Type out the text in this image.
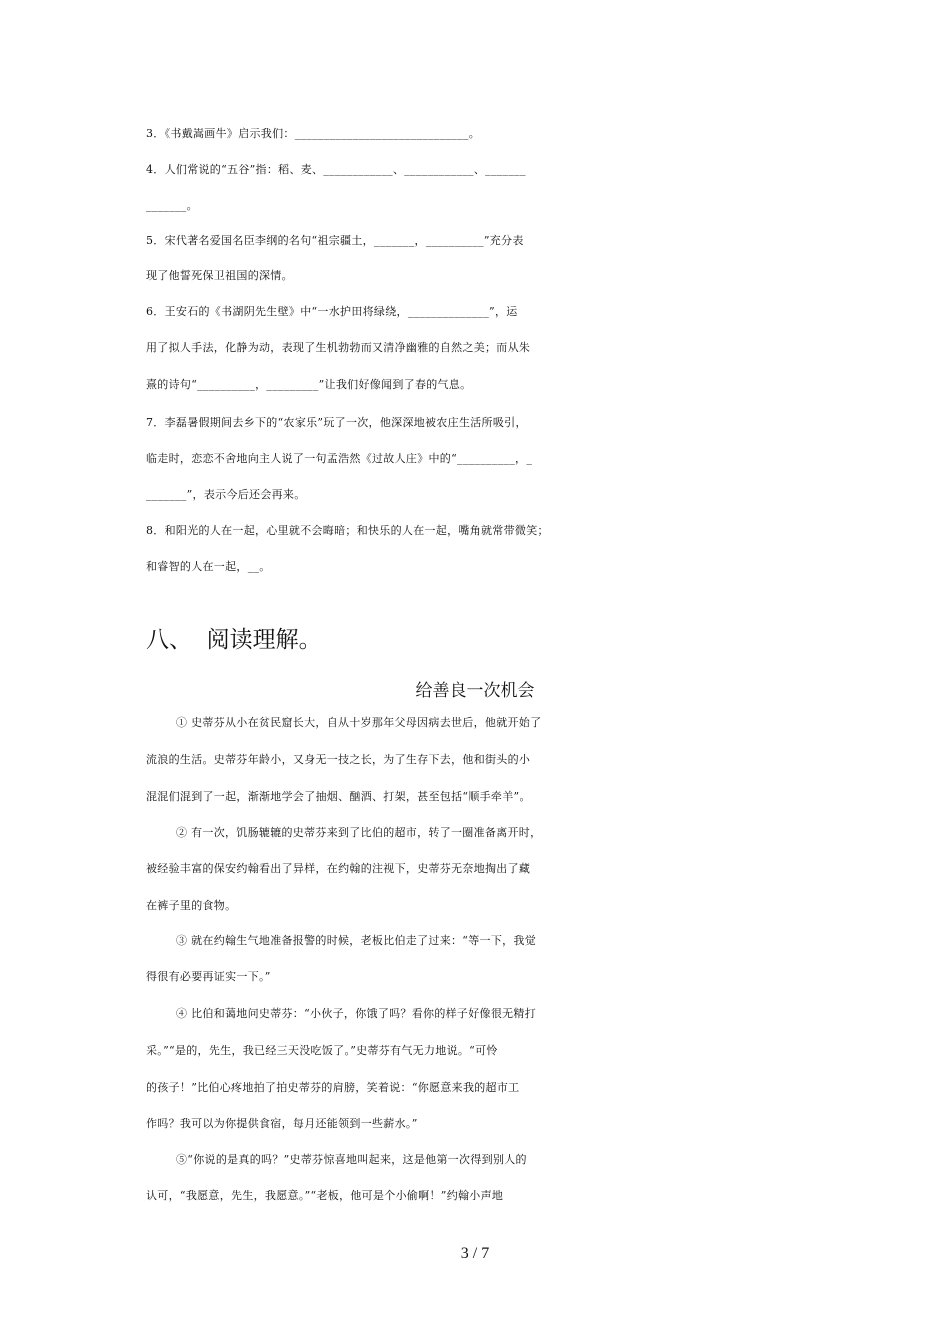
3．《书戴嵩画牛》启示我们：______________________________。
4．人们常说的“五谷”指：稻、麦、____________、____________、_______
_______。
5．宋代著名爱国名臣李纲的名句“祖宗疆土，_______，__________”充分表
现了他誓死保卫祖国的深情。
6．王安石的《书湖阴先生壁》中“一水护田将绿绕，______________”，运
用了拟人手法，化静为动，表现了生机勃勃而又清净幽雅的自然之美；而从朱
熹的诗句“__________，_________”让我们好像闻到了春的气息。
7．李磊暑假期间去乡下的“农家乐”玩了一次，他深深地被农庄生活所吸引，
临走时，恋恋不舍地向主人说了一句孟浩然《过故人庄》中的“__________，_
_______”，表示今后还会再来。
8．和阳光的人在一起，心里就不会晦暗；和快乐的人在一起，嘴角就常带微笑；
和睿智的人在一起，__。
八、  阅读理解。
给善良一次机会
① 史蒂芬从小在贫民窟长大，自从十岁那年父母因病去世后，他就开始了
流浪的生活。史蒂芬年龄小，又身无一技之长，为了生存下去，他和街头的小
混混们混到了一起，渐渐地学会了抽烟、酗酒、打架，甚至包括“顺手牵羊”。
② 有一次，饥肠辘辘的史蒂芬来到了比伯的超市，转了一圈准备离开时，
被经验丰富的保安约翰看出了异样，在约翰的注视下，史蒂芬无奈地掏出了藏
在裤子里的食物。
③ 就在约翰生气地准备报警的时候，老板比伯走了过来：“等一下，我觉
得很有必要再证实一下。”
④ 比伯和蔼地问史蒂芬：“小伙子，你饿了吗？看你的样子好像很无精打
采。”“是的，先生，我已经三天没吃饭了。”史蒂芬有气无力地说。“可怜
的孩子！”比伯心疼地拍了拍史蒂芬的肩膀，笑着说：“你愿意来我的超市工
作吗？我可以为你提供食宿，每月还能领到一些薪水。”
⑤“你说的是真的吗？”史蒂芬惊喜地叫起来，这是他第一次得到别人的
认可，“我愿意，先生，我愿意。”“老板，他可是个小偷啊！”约翰小声地
3 / 7
